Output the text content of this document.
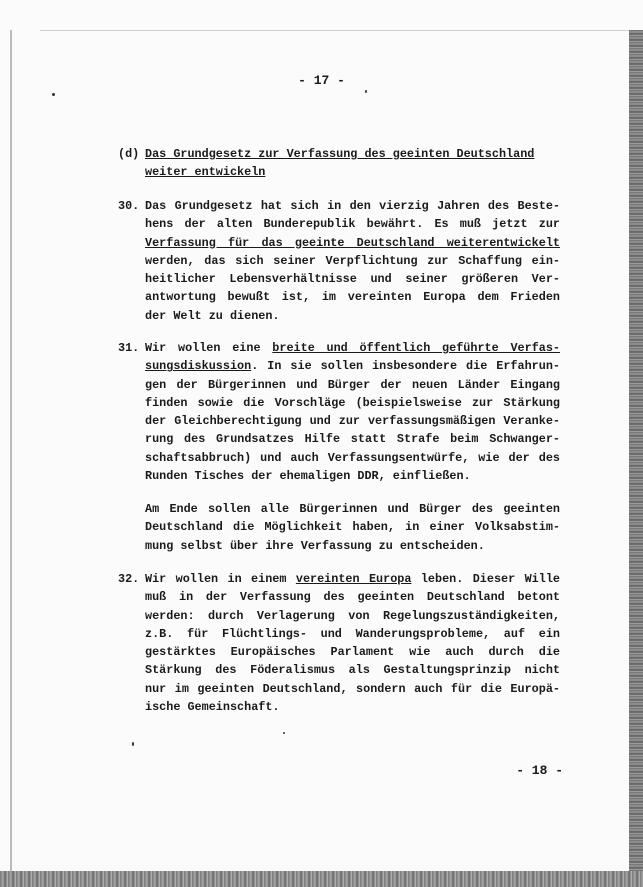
- 17 -
(d) Das Grundgesetz zur Verfassung des geeinten Deutschland
weiter entwickeln
30. Das Grundgesetz hat sich in den vierzig Jahren des Beste-
hens der alten Bunderepublik bewährt. Es muß jetzt zur
Verfassung für das geeinte Deutschland weiterentwickelt
werden, das sich seiner Verpflichtung zur Schaffung ein-
heitlicher Lebensverhältnisse und seiner größeren Ver-
antwortung bewußt ist, im vereinten Europa dem Frieden
der Welt zu dienen.
31. Wir wollen eine breite und öffentlich geführte Verfas-
sungsdiskussion. In sie sollen insbesondere die Erfahrun-
gen der Bürgerinnen und Bürger der neuen Länder Eingang
finden sowie die Vorschläge (beispielsweise zur Stärkung
der Gleichberechtigung und zur verfassungsmäßigen Veranke-
rung des Grundsatzes Hilfe statt Strafe beim Schwanger-
schaftsabbruch) und auch Verfassungsentwürfe, wie der des
Runden Tisches der ehemaligen DDR, einfließen.
Am Ende sollen alle Bürgerinnen und Bürger des geeinten
Deutschland die Möglichkeit haben, in einer Volksabstim-
mung selbst über ihre Verfassung zu entscheiden.
32. Wir wollen in einem vereinten Europa leben. Dieser Wille
muß in der Verfassung des geeinten Deutschland betont
werden: durch Verlagerung von Regelungszuständigkeiten,
z.B. für Flüchtlings- und Wanderungsprobleme, auf ein
gestärktes Europäisches Parlament wie auch durch die
Stärkung des Föderalismus als Gestaltungsprinzip nicht
nur im geeinten Deutschland, sondern auch für die Europä-
ische Gemeinschaft.
- 18 -
